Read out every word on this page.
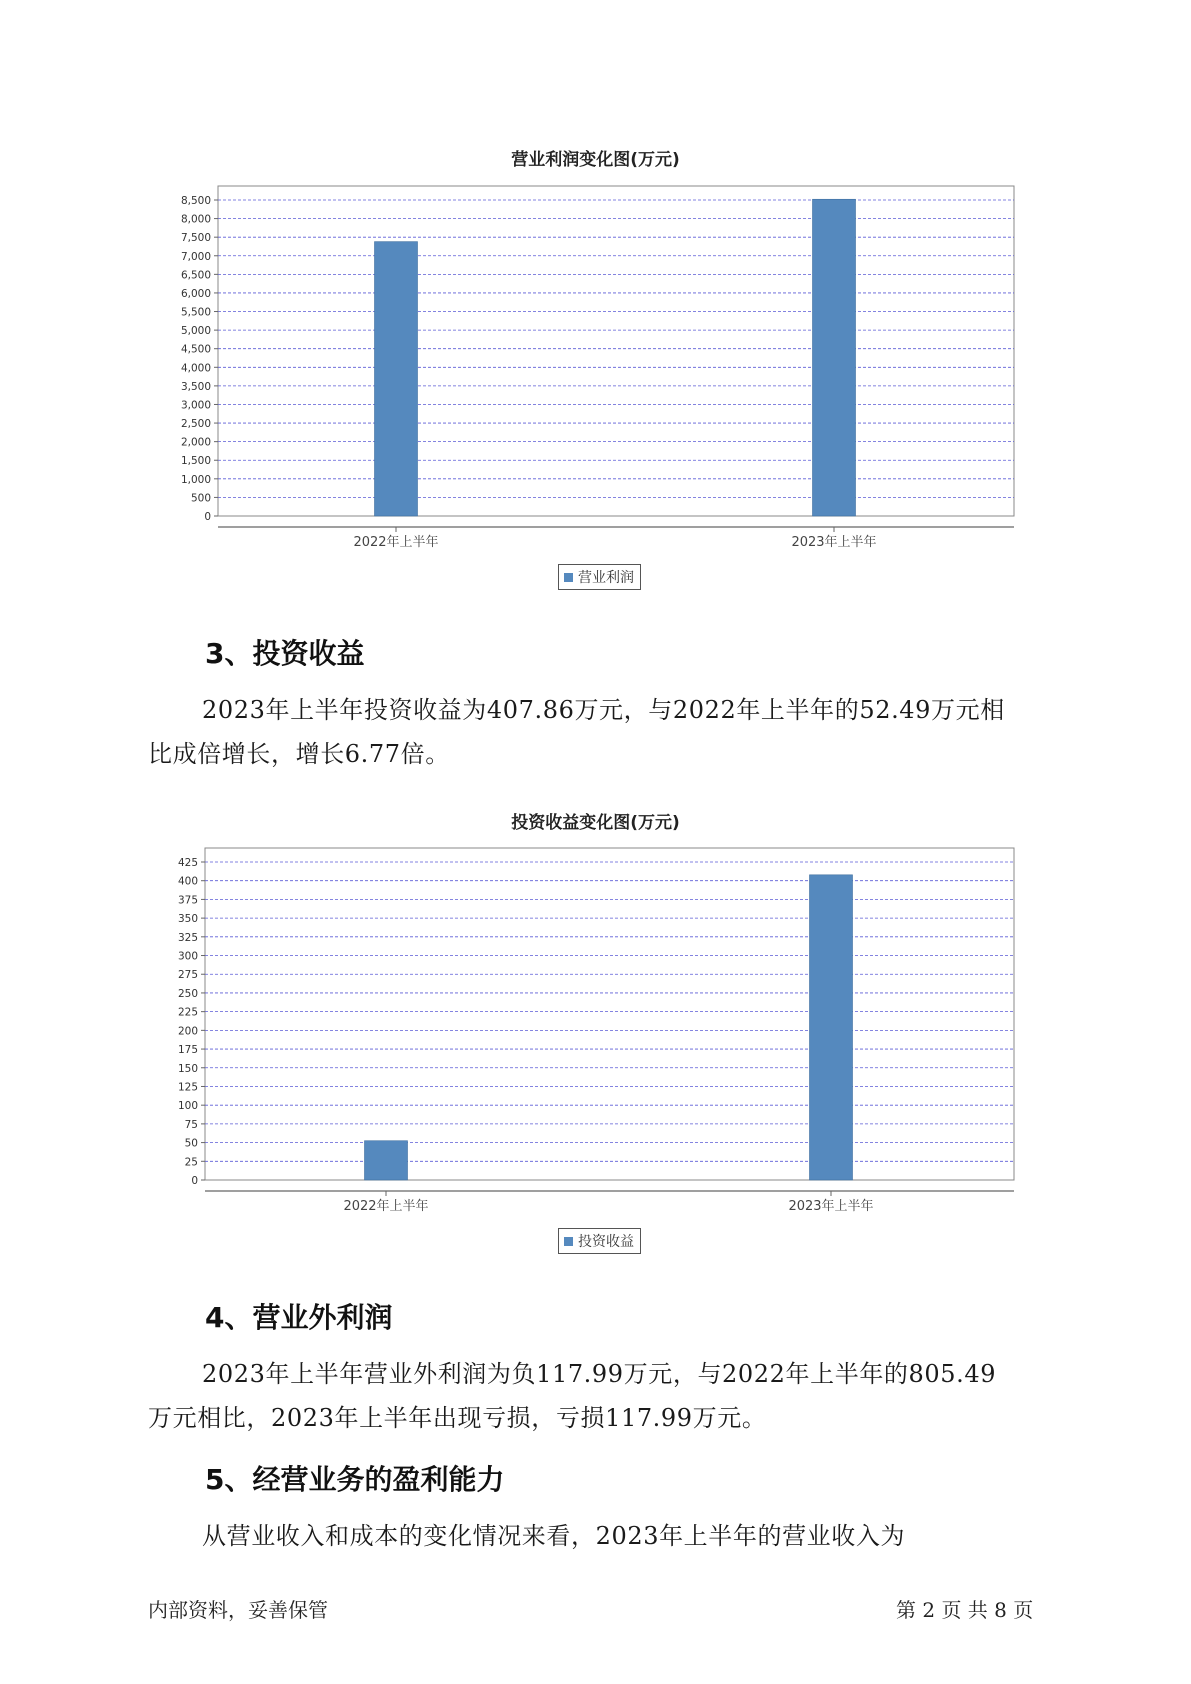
营业利润变化图(万元)
0
500
1,000
1,500
2,000
2,500
3,000
3,500
4,000
4,500
5,000
5,500
6,000
6,500
7,000
7,500
8,000
8,500
2022年上半年	2023年上半年
营业利润
3、投资收益
2023年上半年投资收益为407.86万元，与2022年上半年的52.49万元相
比成倍增长，增长6.77倍。
投资收益变化图(万元)
0
25
50
75
100
125
150
175
200
225
250
275
300
325
350
375
400
425
2022年上半年	2023年上半年
投资收益
4、营业外利润
2023年上半年营业外利润为负117.99万元，与2022年上半年的805.49
万元相比，2023年上半年出现亏损，亏损117.99万元。
5、经营业务的盈利能力
从营业收入和成本的变化情况来看，2023年上半年的营业收入为
内部资料，妥善保管	第 2 页 共 8 页
